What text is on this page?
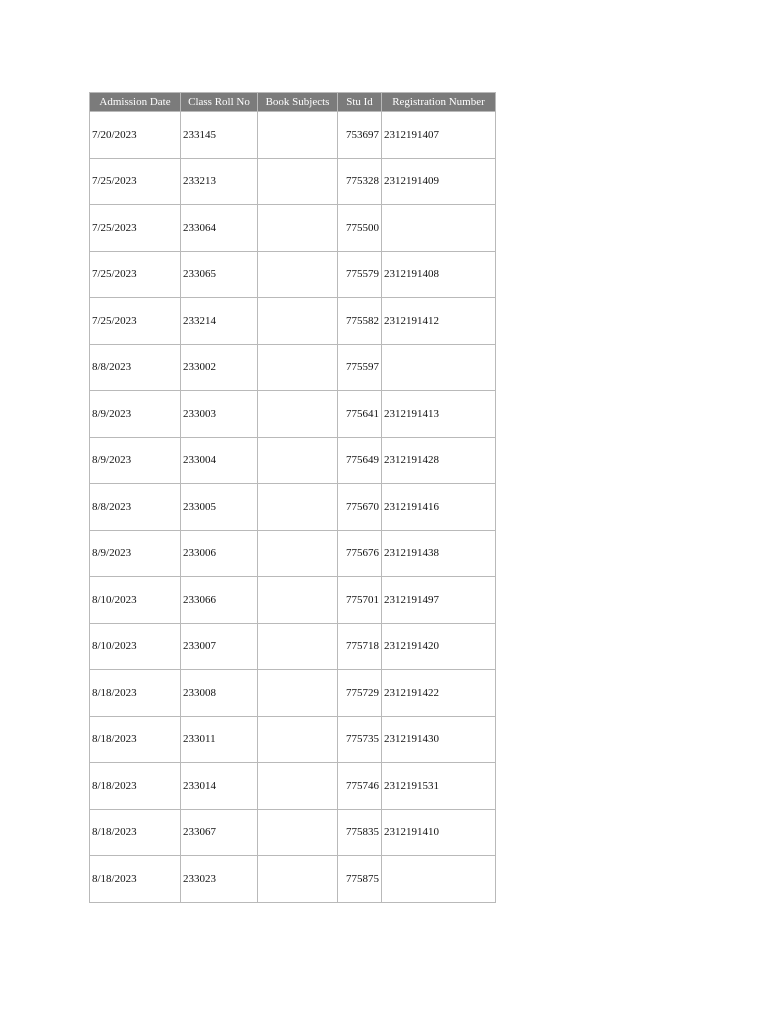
Admission Date	Class Roll No	Book Subjects	Stu Id	Registration Number
7/20/2023	233145		753697	2312191407
7/25/2023	233213		775328	2312191409
7/25/2023	233064		775500	
7/25/2023	233065		775579	2312191408
7/25/2023	233214		775582	2312191412
8/8/2023	233002		775597	
8/9/2023	233003		775641	2312191413
8/9/2023	233004		775649	2312191428
8/8/2023	233005		775670	2312191416
8/9/2023	233006		775676	2312191438
8/10/2023	233066		775701	2312191497
8/10/2023	233007		775718	2312191420
8/18/2023	233008		775729	2312191422
8/18/2023	233011		775735	2312191430
8/18/2023	233014		775746	2312191531
8/18/2023	233067		775835	2312191410
8/18/2023	233023		775875	
